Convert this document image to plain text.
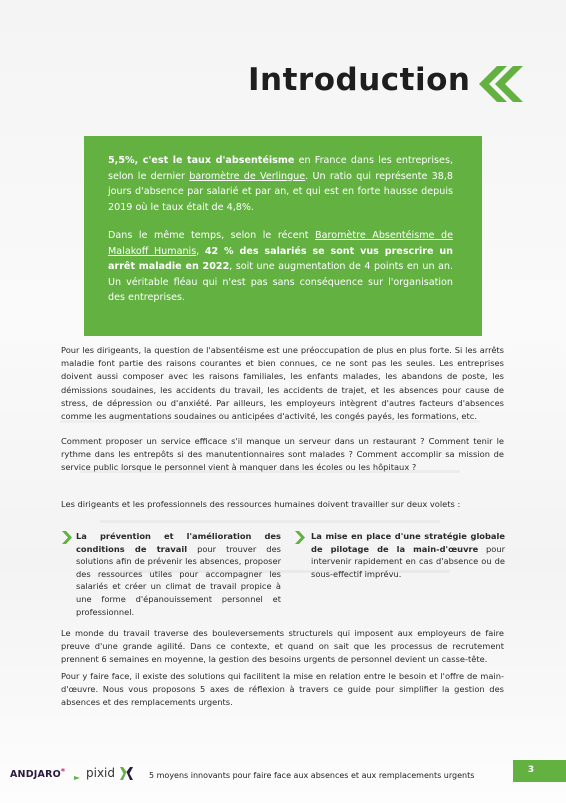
Introduction

5,5%, c'est le taux d'absentéisme en France dans les entreprises, selon le dernier baromètre de Verlingue. Un ratio qui représente 38,8 jours d'absence par salarié et par an, et qui est en forte hausse depuis 2019 où le taux était de 4,8%.

Dans le même temps, selon le récent Baromètre Absentéisme de Malakoff Humanis, 42 % des salariés se sont vus prescrire un arrêt maladie en 2022, soit une augmentation de 4 points en un an. Un véritable fléau qui n'est pas sans conséquence sur l'organisation des entreprises.

Pour les dirigeants, la question de l'absentéisme est une préoccupation de plus en plus forte. Si les arrêts maladie font partie des raisons courantes et bien connues, ce ne sont pas les seules. Les entreprises doivent aussi composer avec les raisons familiales, les enfants malades, les abandons de poste, les démissions soudaines, les accidents du travail, les accidents de trajet, et les absences pour cause de stress, de dépression ou d'anxiété. Par ailleurs, les employeurs intègrent d'autres facteurs d'absences comme les augmentations soudaines ou anticipées d'activité, les congés payés, les formations, etc.

Comment proposer un service efficace s'il manque un serveur dans un restaurant ? Comment tenir le rythme dans les entrepôts si des manutentionnaires sont malades ? Comment accomplir sa mission de service public lorsque le personnel vient à manquer dans les écoles ou les hôpitaux ?

Les dirigeants et les professionnels des ressources humaines doivent travailler sur deux volets :

La prévention et l'amélioration des conditions de travail pour trouver des solutions afin de prévenir les absences, proposer des ressources utiles pour accompagner les salariés et créer un climat de travail propice à une forme d'épanouissement personnel et professionnel.

La mise en place d'une stratégie globale de pilotage de la main-d'œuvre pour intervenir rapidement en cas d'absence ou de sous-effectif imprévu.

Le monde du travail traverse des bouleversements structurels qui imposent aux employeurs de faire preuve d'une grande agilité. Dans ce contexte, et quand on sait que les processus de recrutement prennent 6 semaines en moyenne, la gestion des besoins urgents de personnel devient un casse-tête.

Pour y faire face, il existe des solutions qui facilitent la mise en relation entre le besoin et l'offre de main-d'œuvre. Nous vous proposons 5 axes de réflexion à travers ce guide pour simplifier la gestion des absences et des remplacements urgents.

ANDJARO* pixid	5 moyens innovants pour faire face aux absences et aux remplacements urgents
3
